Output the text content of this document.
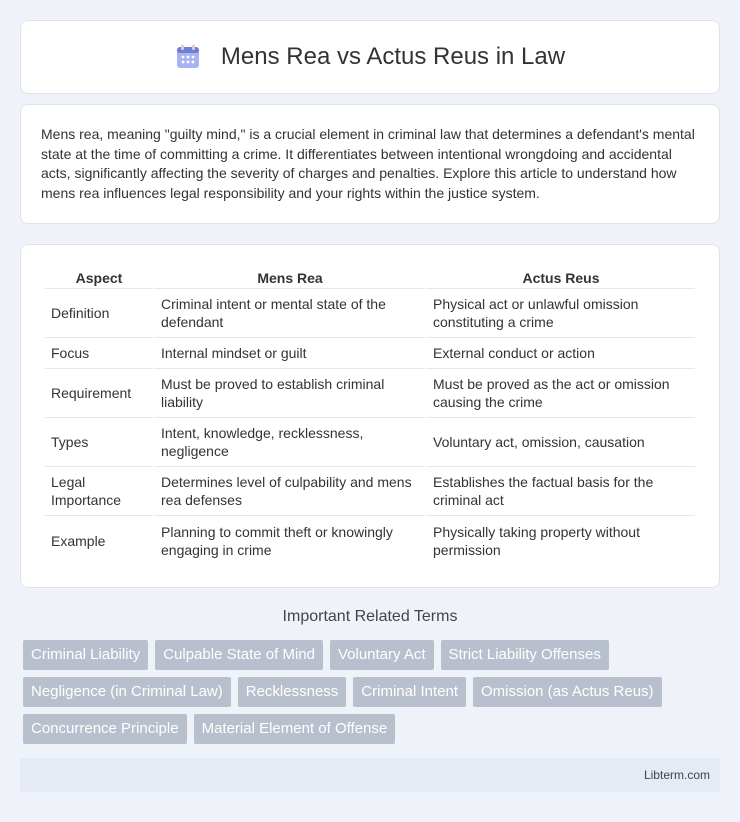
Mens Rea vs Actus Reus in Law

Mens rea, meaning "guilty mind," is a crucial element in criminal law that determines a defendant's mental state at the time of committing a crime. It differentiates between intentional wrongdoing and accidental acts, significantly affecting the severity of charges and penalties. Explore this article to understand how mens rea influences legal responsibility and your rights within the justice system.

Aspect	Mens Rea	Actus Reus
Definition	Criminal intent or mental state of the defendant	Physical act or unlawful omission constituting a crime
Focus	Internal mindset or guilt	External conduct or action
Requirement	Must be proved to establish criminal liability	Must be proved as the act or omission causing the crime
Types	Intent, knowledge, recklessness, negligence	Voluntary act, omission, causation
Legal Importance	Determines level of culpability and mens rea defenses	Establishes the factual basis for the criminal act
Example	Planning to commit theft or knowingly engaging in crime	Physically taking property without permission
Important Related Terms
Criminal Liability	Culpable State of Mind	Voluntary Act	Strict Liability Offenses
Negligence (in Criminal Law)	Recklessness	Criminal Intent	Omission (as Actus Reus)
Concurrence Principle	Material Element of Offense
Libterm.com
